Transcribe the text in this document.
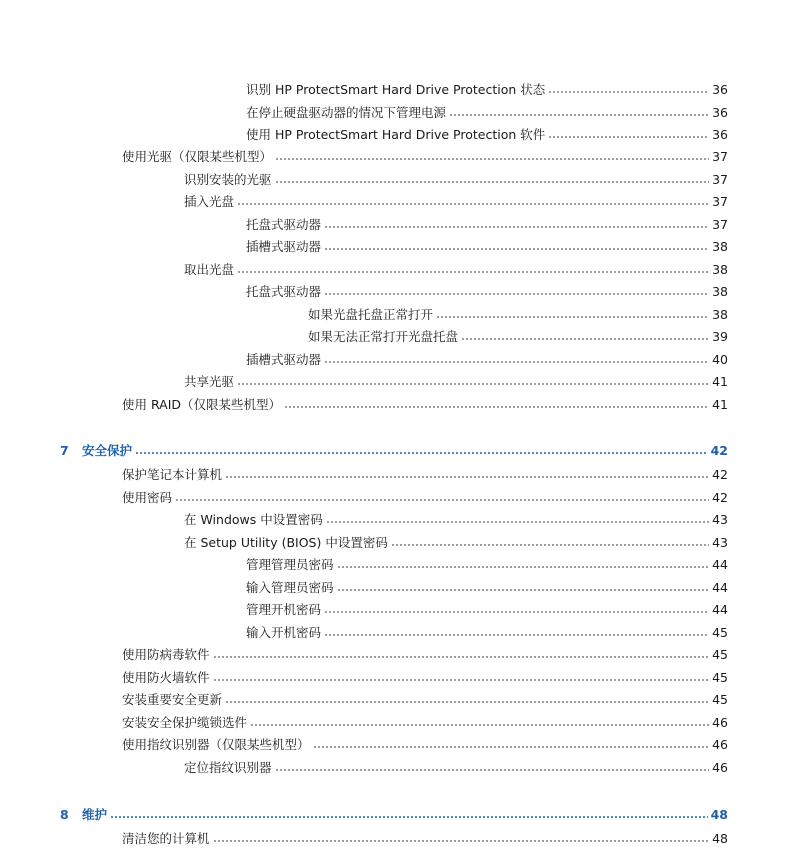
识别 HP ProtectSmart Hard Drive Protection 状态	36
在停止硬盘驱动器的情况下管理电源	36
使用 HP ProtectSmart Hard Drive Protection 软件	36
使用光驱（仅限某些机型）	37
识别安装的光驱	37
插入光盘	37
托盘式驱动器	37
插槽式驱动器	38
取出光盘	38
托盘式驱动器	38
如果光盘托盘正常打开	38
如果无法正常打开光盘托盘	39
插槽式驱动器	40
共享光驱	41
使用 RAID（仅限某些机型）	41
7 安全保护	42
保护笔记本计算机	42
使用密码	42
在 Windows 中设置密码	43
在 Setup Utility (BIOS) 中设置密码	43
管理管理员密码	44
输入管理员密码	44
管理开机密码	44
输入开机密码	45
使用防病毒软件	45
使用防火墙软件	45
安装重要安全更新	45
安装安全保护缆锁选件	46
使用指纹识别器（仅限某些机型）	46
定位指纹识别器	46
8 维护	48
清洁您的计算机	48
